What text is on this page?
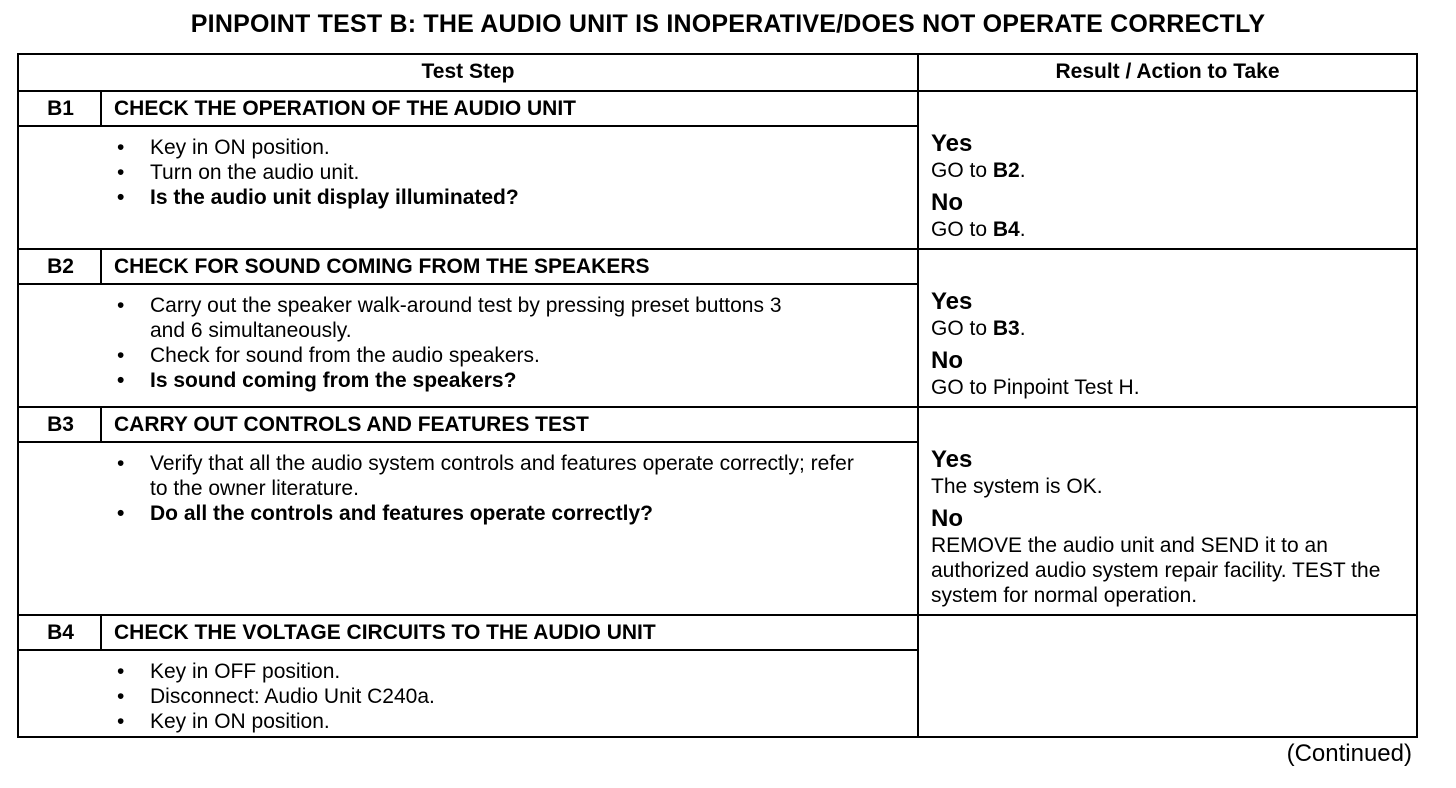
PINPOINT TEST B: THE AUDIO UNIT IS INOPERATIVE/DOES NOT OPERATE CORRECTLY
Test Step	Result / Action to Take
B1	CHECK THE OPERATION OF THE AUDIO UNIT
• Key in ON position.
• Turn on the audio unit.
• Is the audio unit display illuminated?
Yes
GO to B2.
No
GO to B4.
B2	CHECK FOR SOUND COMING FROM THE SPEAKERS
• Carry out the speaker walk-around test by pressing preset buttons 3 and 6 simultaneously.
• Check for sound from the audio speakers.
• Is sound coming from the speakers?
Yes
GO to B3.
No
GO to Pinpoint Test H.
B3	CARRY OUT CONTROLS AND FEATURES TEST
• Verify that all the audio system controls and features operate correctly; refer to the owner literature.
• Do all the controls and features operate correctly?
Yes
The system is OK.
No
REMOVE the audio unit and SEND it to an authorized audio system repair facility. TEST the system for normal operation.
B4	CHECK THE VOLTAGE CIRCUITS TO THE AUDIO UNIT
• Key in OFF position.
• Disconnect: Audio Unit C240a.
• Key in ON position.
(Continued)
